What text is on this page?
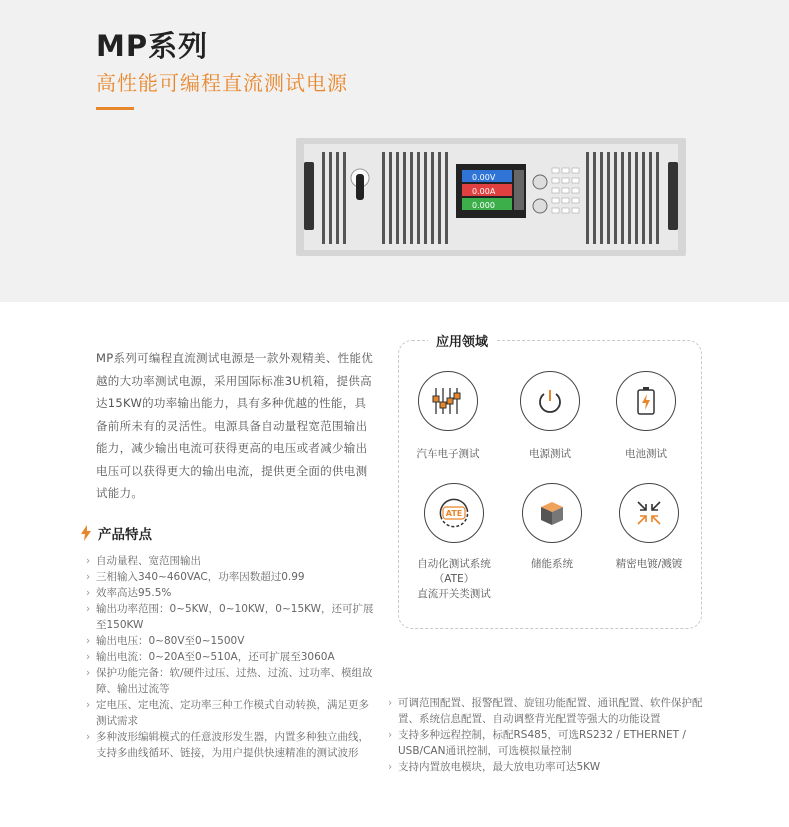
MP系列
高性能可编程直流测试电源
0.00V
0.00A
0.000

MP系列可编程直流测试电源是一款外观精美、性能优越的大功率测试电源，采用国际标准3U机箱，提供高达15KW的功率输出能力，具有多种优越的性能，具备前所未有的灵活性。电源具备自动量程宽范围输出能力，减少输出电流可获得更高的电压或者减少输出电压可以获得更大的输出电流，提供更全面的供电测试能力。

产品特点
› 自动量程、宽范围输出
› 三相输入340~460VAC，功率因数超过0.99
› 效率高达95.5%
› 输出功率范围：0~5KW，0~10KW，0~15KW，还可扩展至150KW
› 输出电压：0~80V至0~1500V
› 输出电流：0~20A至0~510A，还可扩展至3060A
› 保护功能完备：软/硬件过压、过热、过流、过功率、模组故障、输出过流等
› 定电压、定电流、定功率三种工作模式自动转换，满足更多测试需求
› 多种波形编辑模式的任意波形发生器，内置多种独立曲线，支持多曲线循环、链接，为用户提供快速精准的测试波形
› 可调范围配置、报警配置、旋钮功能配置、通讯配置、软件保护配置、系统信息配置、自动调整背光配置等强大的功能设置
› 支持多种远程控制，标配RS485，可选RS232 / ETHERNET / USB/CAN通讯控制，可选模拟量控制
› 支持内置放电模块，最大放电功率可达5KW
应用领域
汽车电子测试	电源测试	电池测试
ATE
自动化测试系统
（ATE）
直流开关类测试
储能系统	精密电镀/溅镀
